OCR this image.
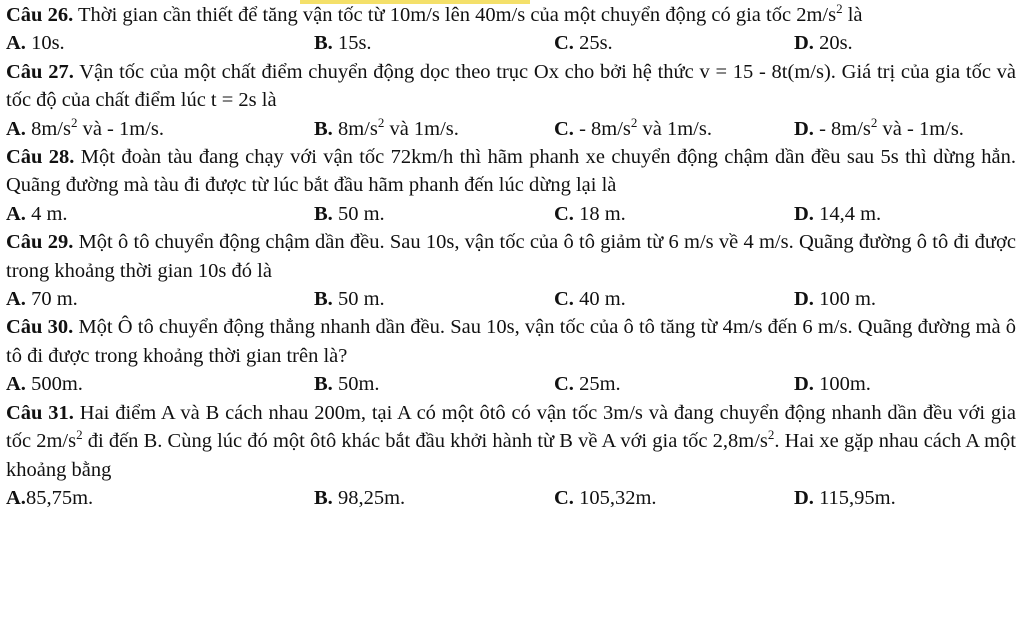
Câu 26. Thời gian cần thiết để tăng vận tốc từ 10m/s lên 40m/s của một chuyển động có gia tốc $2m/s^2$ là

A. 10s.	B. 15s.	C. 25s.	D. 20s.

Câu 27. Vận tốc của một chất điểm chuyển động dọc theo trục Ox cho bởi hệ thức v = 15 - 8t(m/s). Giá trị của gia tốc và tốc độ của chất điểm lúc t = 2s là

A. $8m/s^2$ và - 1m/s.	B. $8m/s^2$ và 1m/s.	C. - $8m/s^2$ và 1m/s.	D. - $8m/s^2$ và - 1m/s.

Câu 28. Một đoàn tàu đang chạy với vận tốc 72km/h thì hãm phanh xe chuyển động chậm dần đều sau 5s thì dừng hẳn. Quãng đường mà tàu đi được từ lúc bắt đầu hãm phanh đến lúc dừng lại là

A. 4 m.	B. 50 m.	C. 18 m.	D. 14,4 m.

Câu 29. Một ô tô chuyển động chậm dần đều. Sau 10s, vận tốc của ô tô giảm từ 6 m/s về 4 m/s. Quãng đường ô tô đi được trong khoảng thời gian 10s đó là

A. 70 m.	B. 50 m.	C. 40 m.	D. 100 m.

Câu 30. Một Ô tô chuyển động thẳng nhanh dần đều. Sau 10s, vận tốc của ô tô tăng từ 4m/s đến 6 m/s. Quãng đường mà ô tô đi được trong khoảng thời gian trên là?

A. 500m.	B. 50m.	C. 25m.	D. 100m.

Câu 31. Hai điểm A và B cách nhau 200m, tại A có một ôtô có vận tốc 3m/s và đang chuyển động nhanh dần đều với gia tốc $2m/s^2$ đi đến B. Cùng lúc đó một ôtô khác bắt đầu khởi hành từ B về A với gia tốc $2,8m/s^2$. Hai xe gặp nhau cách A một khoảng bằng

A.85,75m.	B. 98,25m.	C. 105,32m.	D. 115,95m.
